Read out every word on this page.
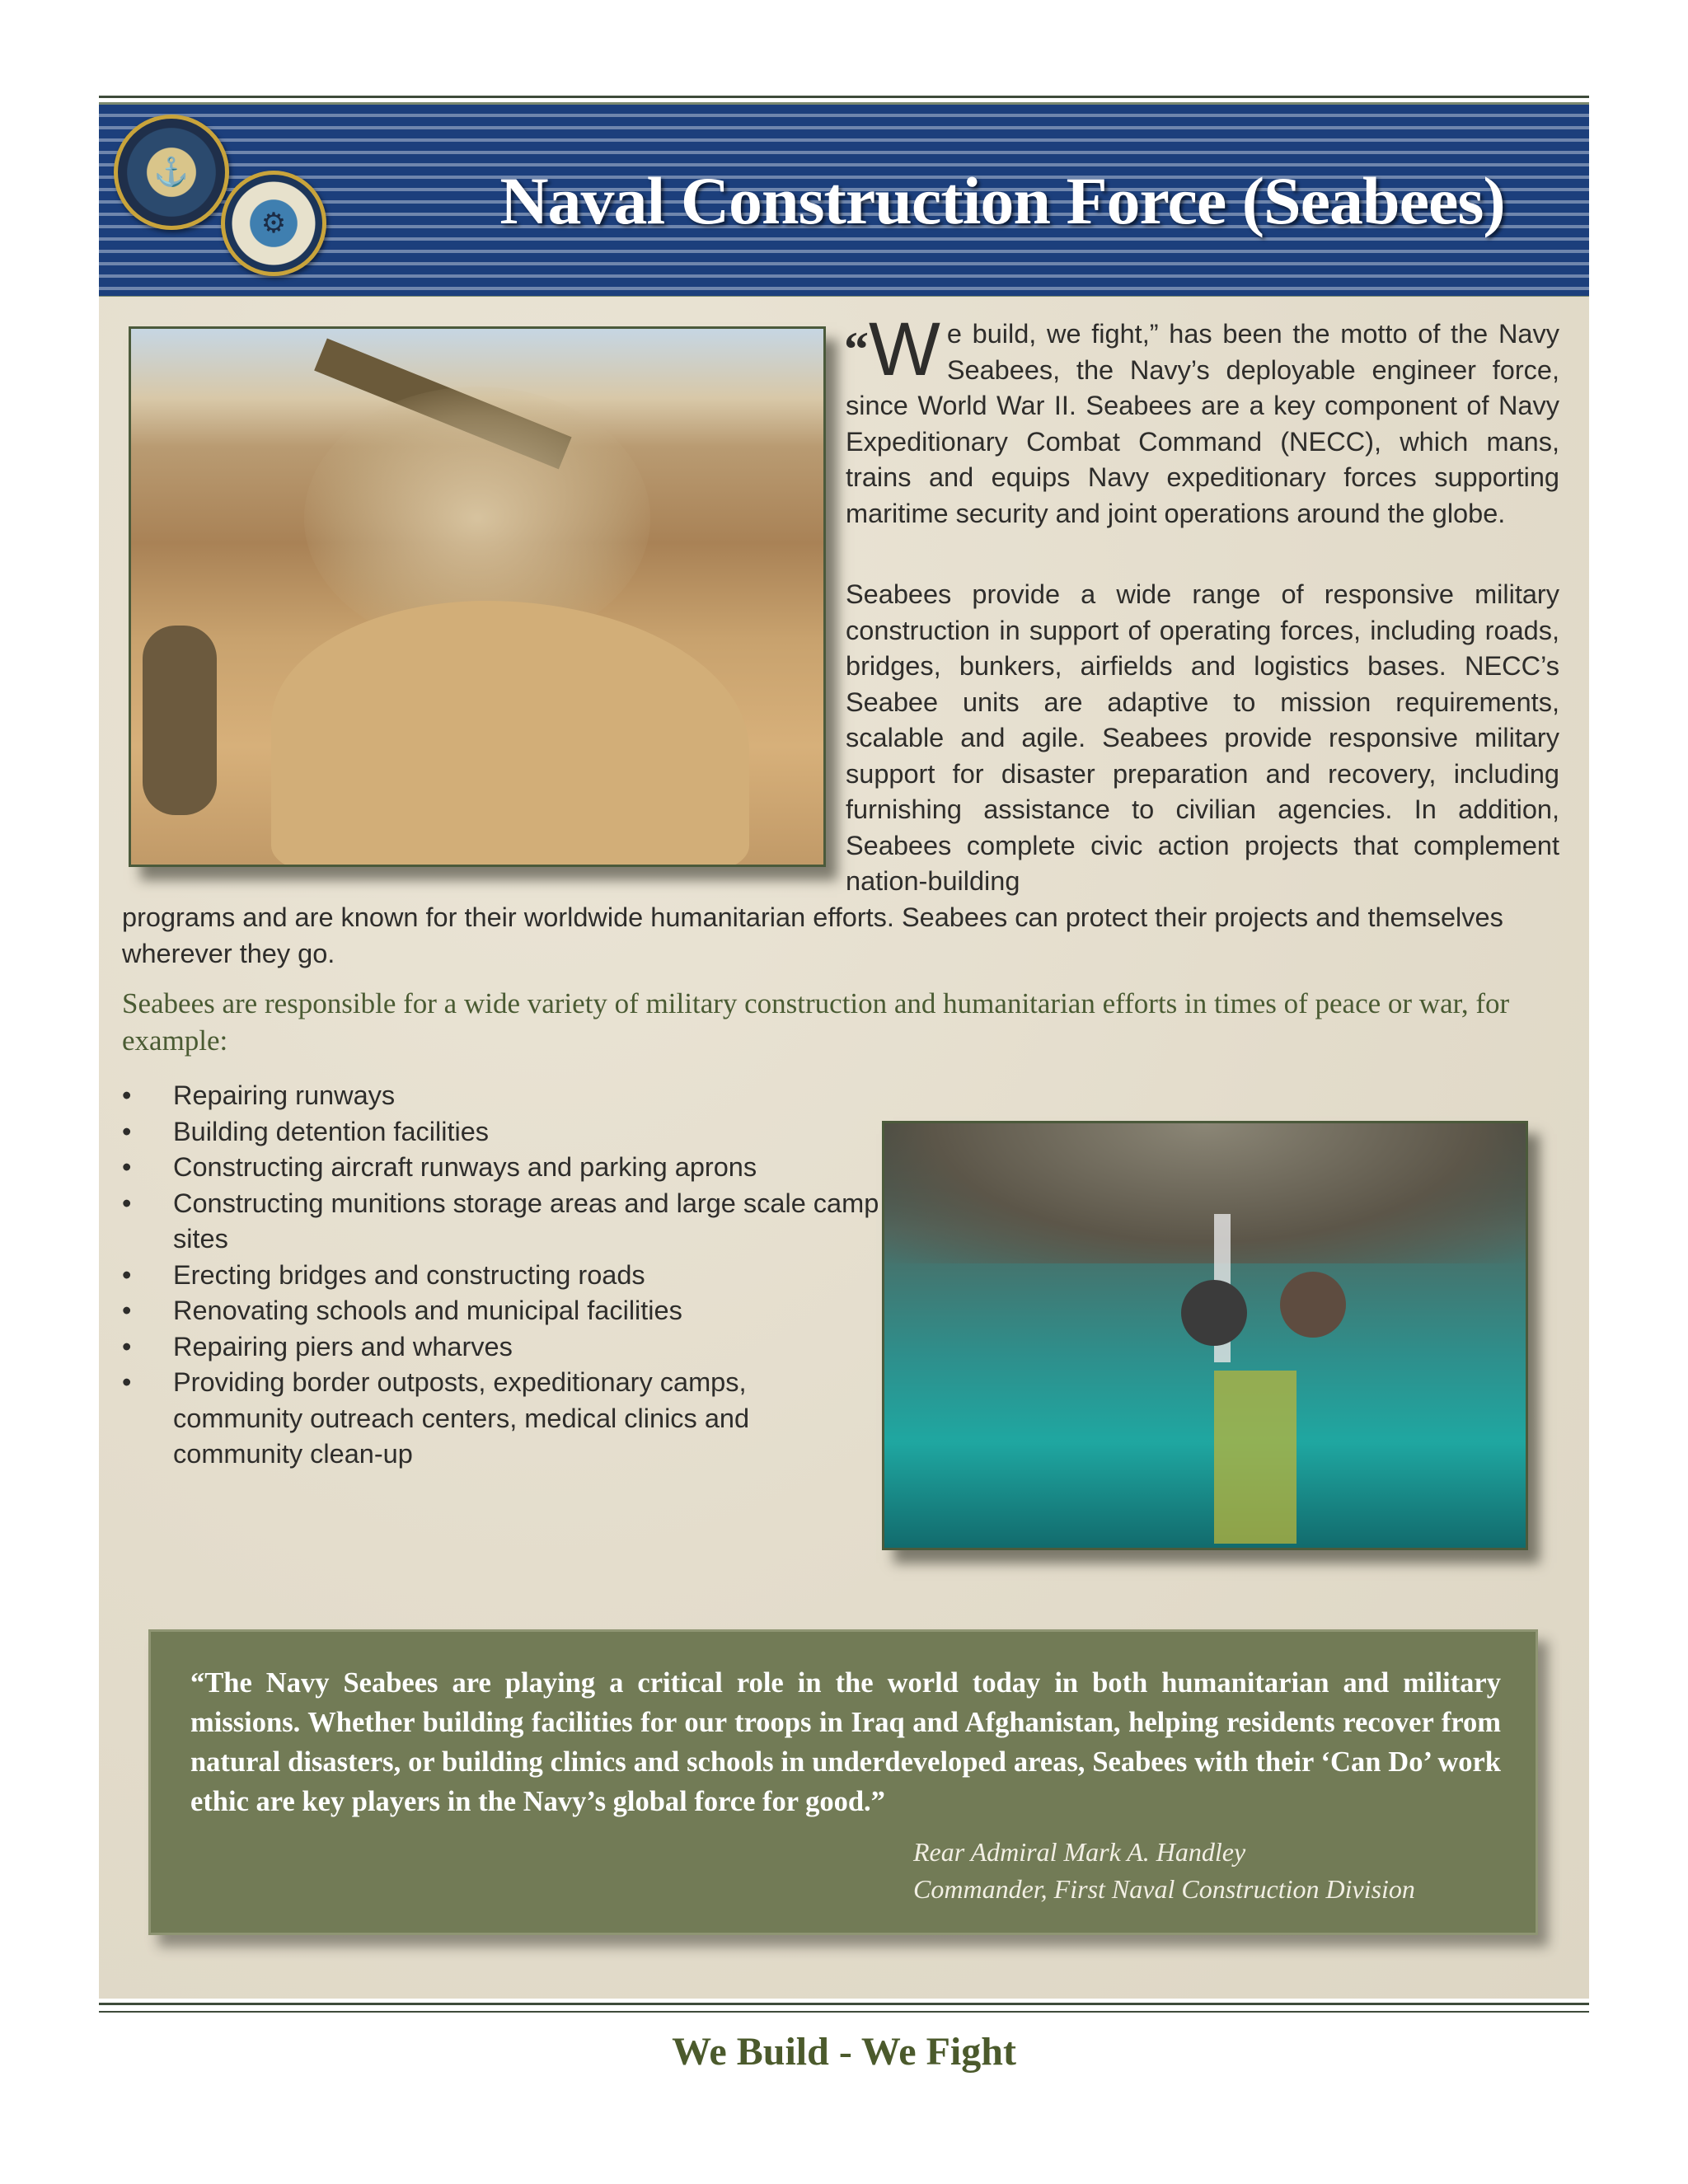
⚓
⚙	Naval Construction Force (Seabees)

“W e build, we fight,” has been the motto of the Navy Seabees, the Navy’s deployable engineer force, since World War II. Seabees are a key component of Navy Expeditionary Combat Command (NECC), which mans, trains and equips Navy expeditionary forces supporting maritime security and joint operations around the globe.

Seabees provide a wide range of responsive military construction in support of operating forces, including roads, bridges, bunkers, airfields and logistics bases. NECC’s Seabee units are adaptive to mission requirements, scalable and agile. Seabees provide responsive military support for disaster preparation and recovery, including furnishing assistance to civilian agencies. In addition, Seabees complete civic action projects that complement nation-building

programs and are known for their worldwide humanitarian efforts. Seabees can protect their projects and themselves wherever they go.

Seabees are responsible for a wide variety of military construction and humanitarian efforts in times of peace or war, for example:

• Repairing runways
• Building detention facilities
• Constructing aircraft runways and parking aprons
• Constructing munitions storage areas and large scale camp sites
• Erecting bridges and constructing roads
• Renovating schools and municipal facilities
• Repairing piers and wharves
• Providing border outposts, expeditionary camps, community outreach centers, medical clinics and community clean-up

“The Navy Seabees are playing a critical role in the world today in both humanitarian and military missions. Whether building facilities for our troops in Iraq and Afghanistan, helping residents recover from natural disasters, or building clinics and schools in underdeveloped areas, Seabees with their ‘Can Do’ work ethic are key players in the Navy’s global force for good.”

Rear Admiral Mark A. Handley
Commander, First Naval Construction Division
We Build - We Fight
